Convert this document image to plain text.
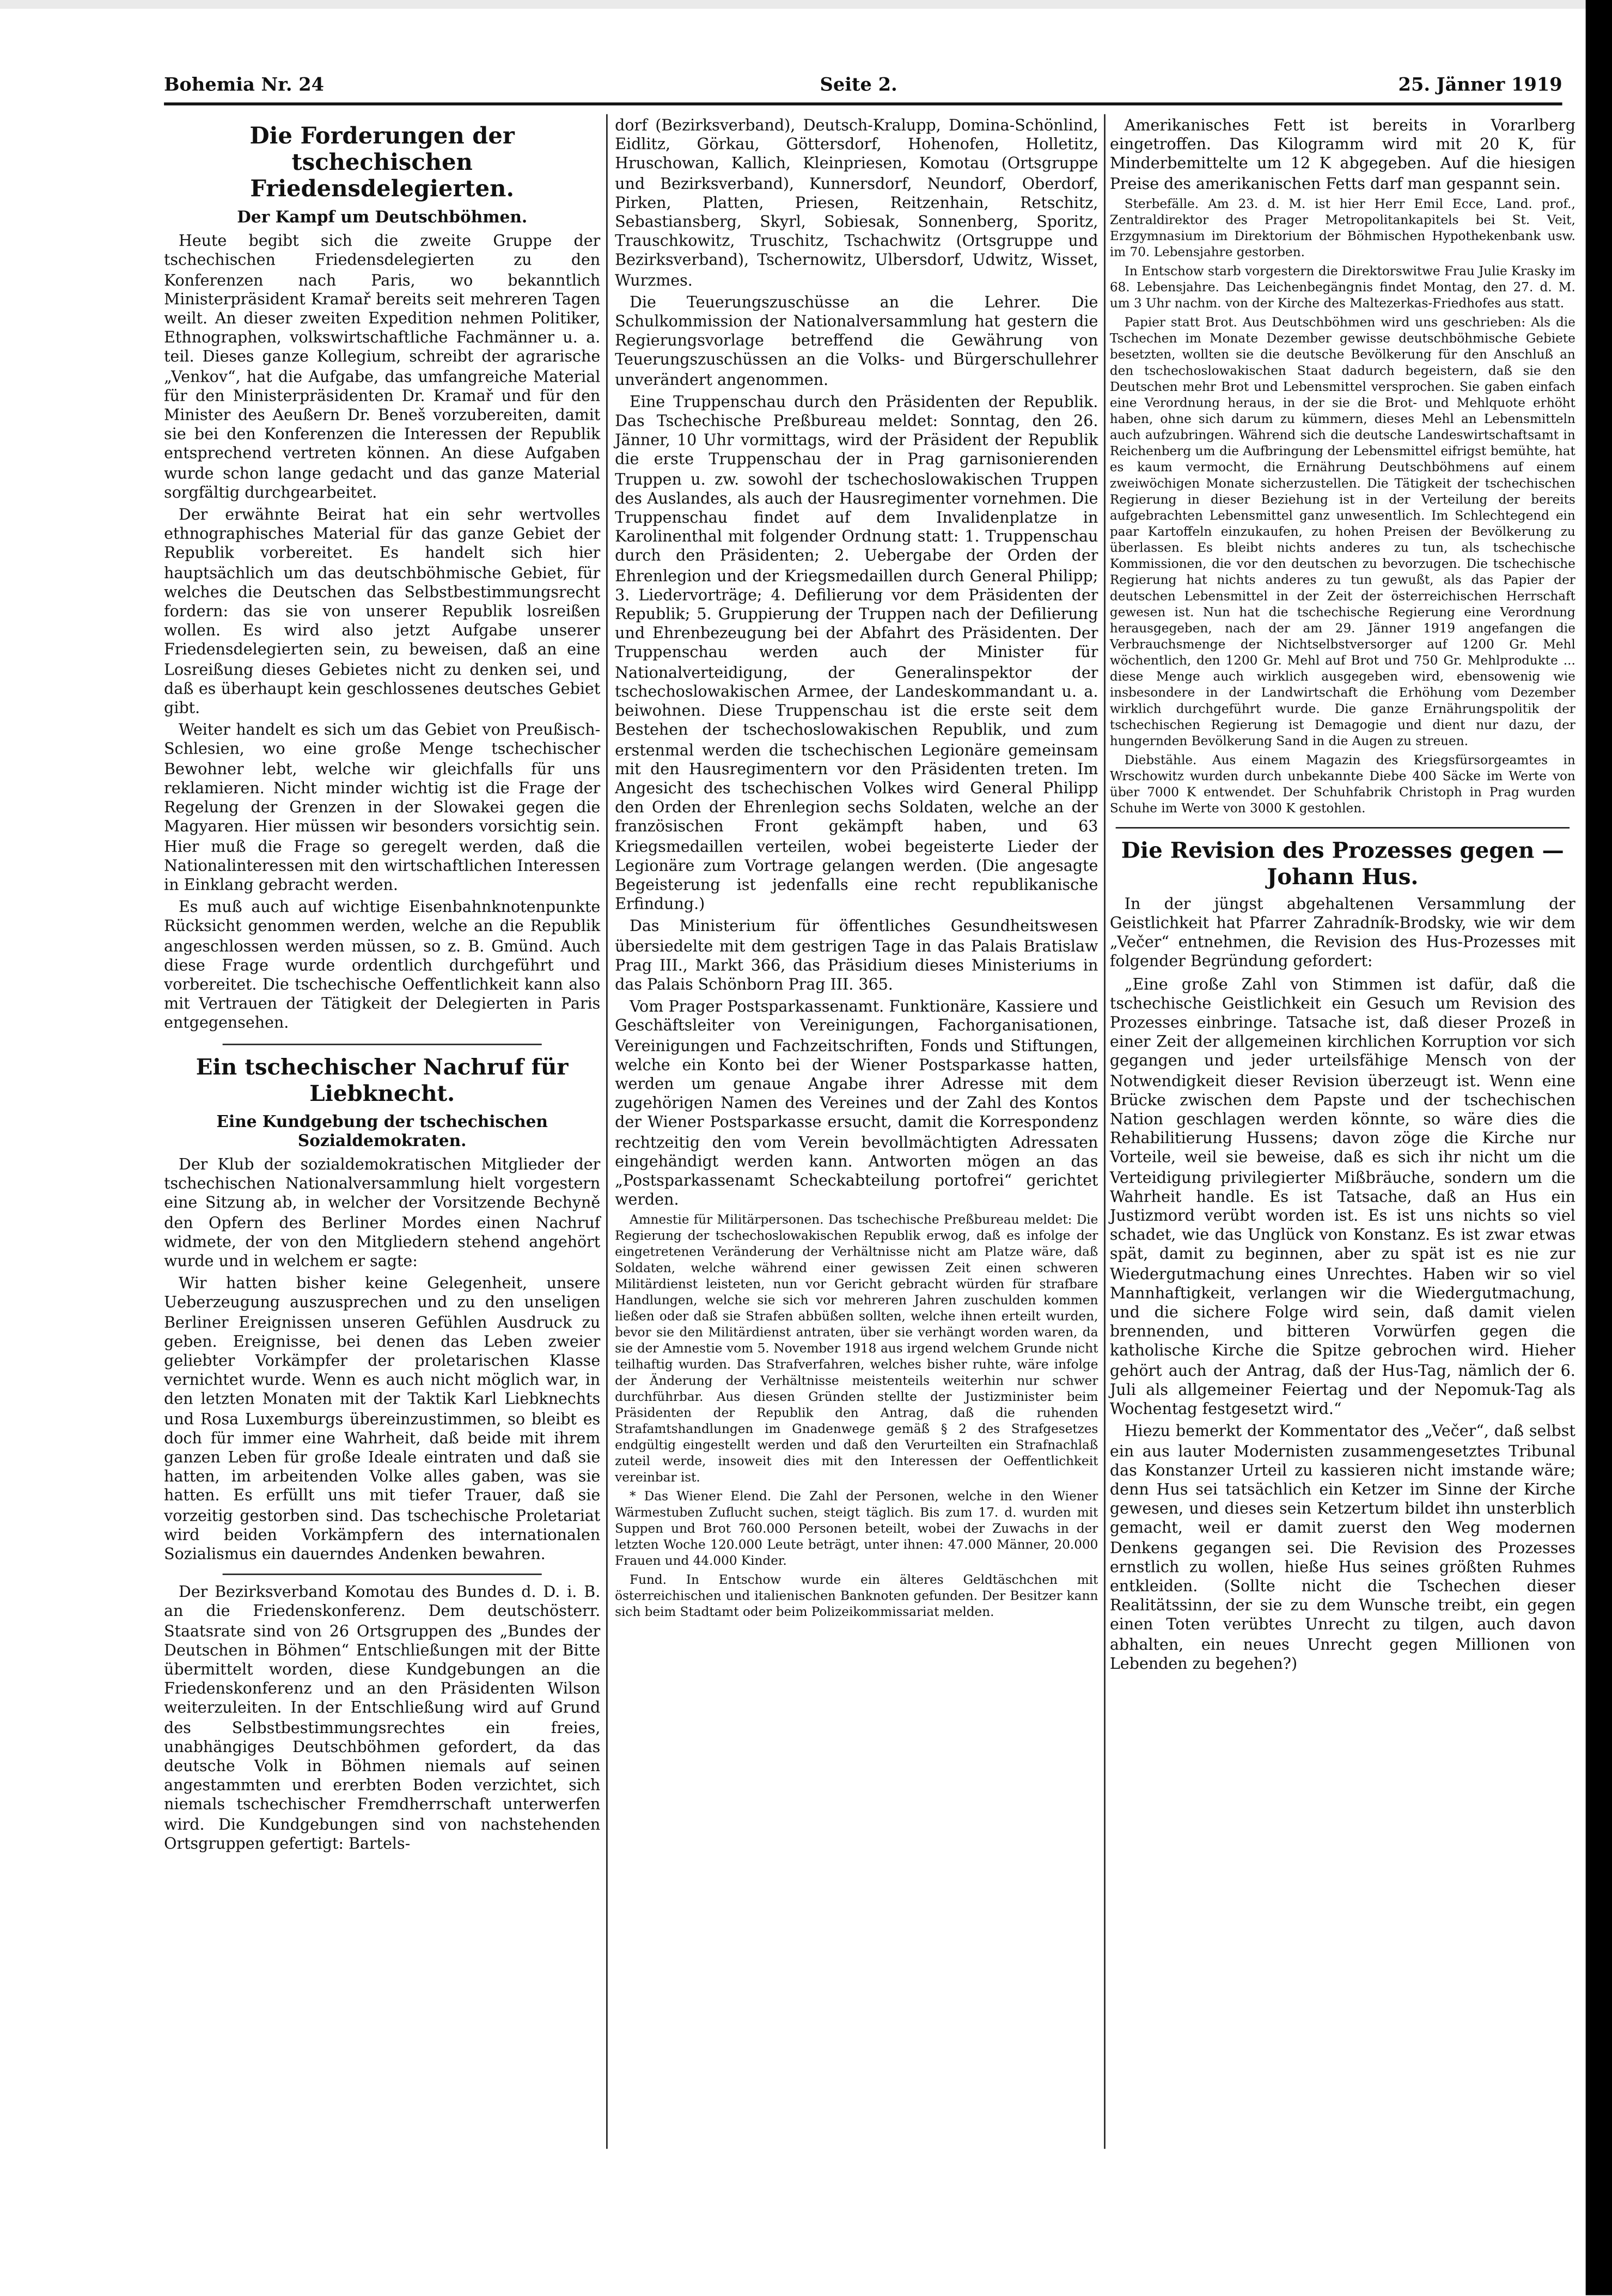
Bohemia Nr. 24	Seite 2.	25. Jänner 1919
Die Forderungen der tschechischen Friedensdelegierten.
Der Kampf um Deutschböhmen.

Heute begibt sich die zweite Gruppe der tschechischen Friedensdelegierten zu den Konferenzen nach Paris, wo bekanntlich Ministerpräsident Kramař bereits seit mehreren Tagen weilt. An dieser zweiten Expedition nehmen Politiker, Ethnographen, volkswirtschaftliche Fachmänner u. a. teil. Dieses ganze Kollegium, schreibt der agrarische „Venkov“, hat die Aufgabe, das umfangreiche Material für den Ministerpräsidenten Dr. Kramař und für den Minister des Aeußern Dr. Beneš vorzubereiten, damit sie bei den Konferenzen die Interessen der Republik entsprechend vertreten können. An diese Aufgaben wurde schon lange gedacht und das ganze Material sorgfältig durchgearbeitet.

Der erwähnte Beirat hat ein sehr wertvolles ethnographisches Material für das ganze Gebiet der Republik vorbereitet. Es handelt sich hier hauptsächlich um das deutschböhmische Gebiet, für welches die Deutschen das Selbstbestimmungsrecht fordern: das sie von unserer Republik losreißen wollen. Es wird also jetzt Aufgabe unserer Friedensdelegierten sein, zu beweisen, daß an eine Losreißung dieses Gebietes nicht zu denken sei, und daß es überhaupt kein geschlossenes deutsches Gebiet gibt.

Weiter handelt es sich um das Gebiet von Preußisch-Schlesien, wo eine große Menge tschechischer Bewohner lebt, welche wir gleichfalls für uns reklamieren. Nicht minder wichtig ist die Frage der Regelung der Grenzen in der Slowakei gegen die Magyaren. Hier müssen wir besonders vorsichtig sein. Hier muß die Frage so geregelt werden, daß die Nationalinteressen mit den wirtschaftlichen Interessen in Einklang gebracht werden.

Es muß auch auf wichtige Eisenbahnknotenpunkte Rücksicht genommen werden, welche an die Republik angeschlossen werden müssen, so z. B. Gmünd. Auch diese Frage wurde ordentlich durchgeführt und vorbereitet. Die tschechische Oeffentlichkeit kann also mit Vertrauen der Tätigkeit der Delegierten in Paris entgegensehen.

Ein tschechischer Nachruf für Liebknecht.
Eine Kundgebung der tschechischen Sozialdemokraten.

Der Klub der sozialdemokratischen Mitglieder der tschechischen Nationalversammlung hielt vorgestern eine Sitzung ab, in welcher der Vorsitzende Bechyně den Opfern des Berliner Mordes einen Nachruf widmete, der von den Mitgliedern stehend angehört wurde und in welchem er sagte:

Wir hatten bisher keine Gelegenheit, unsere Ueberzeugung auszusprechen und zu den unseligen Berliner Ereignissen unseren Gefühlen Ausdruck zu geben. Ereignisse, bei denen das Leben zweier geliebter Vorkämpfer der proletarischen Klasse vernichtet wurde. Wenn es auch nicht möglich war, in den letzten Monaten mit der Taktik Karl Liebknechts und Rosa Luxemburgs übereinzustimmen, so bleibt es doch für immer eine Wahrheit, daß beide mit ihrem ganzen Leben für große Ideale eintraten und daß sie hatten, im arbeitenden Volke alles gaben, was sie hatten. Es erfüllt uns mit tiefer Trauer, daß sie vorzeitig gestorben sind. Das tschechische Proletariat wird beiden Vorkämpfern des internationalen Sozialismus ein dauerndes Andenken bewahren.

Der Bezirksverband Komotau des Bundes d. D. i. B. an die Friedenskonferenz. Dem deutschösterr. Staatsrate sind von 26 Ortsgruppen des „Bundes der Deutschen in Böhmen“ Entschließungen mit der Bitte übermittelt worden, diese Kundgebungen an die Friedenskonferenz und an den Präsidenten Wilson weiterzuleiten. In der Entschließung wird auf Grund des Selbstbestimmungsrechtes ein freies, unabhängiges Deutschböhmen gefordert, da das deutsche Volk in Böhmen niemals auf seinen angestammten und ererbten Boden verzichtet, sich niemals tschechischer Fremdherrschaft unterwerfen wird. Die Kundgebungen sind von nachstehenden Ortsgruppen gefertigt: Bartels-

dorf (Bezirksverband), Deutsch-Kralupp, Domina-Schönlind, Eidlitz, Görkau, Göttersdorf, Hohenofen, Holletitz, Hruschowan, Kallich, Kleinpriesen, Komotau (Ortsgruppe und Bezirksverband), Kunnersdorf, Neundorf, Oberdorf, Pirken, Platten, Priesen, Reitzenhain, Retschitz, Sebastiansberg, Skyrl, Sobiesak, Sonnenberg, Sporitz, Trauschkowitz, Truschitz, Tschachwitz (Ortsgruppe und Bezirksverband), Tschernowitz, Ulbersdorf, Udwitz, Wisset, Wurzmes.

Die Teuerungszuschüsse an die Lehrer. Die Schulkommission der Nationalversammlung hat gestern die Regierungsvorlage betreffend die Gewährung von Teuerungszuschüssen an die Volks- und Bürgerschullehrer unverändert angenommen.

Eine Truppenschau durch den Präsidenten der Republik. Das Tschechische Preßbureau meldet: Sonntag, den 26. Jänner, 10 Uhr vormittags, wird der Präsident der Republik die erste Truppenschau der in Prag garnisonierenden Truppen u. zw. sowohl der tschechoslowakischen Truppen des Auslandes, als auch der Hausregimenter vornehmen. Die Truppenschau findet auf dem Invalidenplatze in Karolinenthal mit folgender Ordnung statt: 1. Truppenschau durch den Präsidenten; 2. Uebergabe der Orden der Ehrenlegion und der Kriegsmedaillen durch General Philipp; 3. Liedervorträge; 4. Defilierung vor dem Präsidenten der Republik; 5. Gruppierung der Truppen nach der Defilierung und Ehrenbezeugung bei der Abfahrt des Präsidenten. Der Truppenschau werden auch der Minister für Nationalverteidigung, der Generalinspektor der tschechoslowakischen Armee, der Landeskommandant u. a. beiwohnen. Diese Truppenschau ist die erste seit dem Bestehen der tschechoslowakischen Republik, und zum erstenmal werden die tschechischen Legionäre gemeinsam mit den Hausregimentern vor den Präsidenten treten. Im Angesicht des tschechischen Volkes wird General Philipp den Orden der Ehrenlegion sechs Soldaten, welche an der französischen Front gekämpft haben, und 63 Kriegsmedaillen verteilen, wobei begeisterte Lieder der Legionäre zum Vortrage gelangen werden. (Die angesagte Begeisterung ist jedenfalls eine recht republikanische Erfindung.)

Das Ministerium für öffentliches Gesundheitswesen übersiedelte mit dem gestrigen Tage in das Palais Bratislaw Prag III., Markt 366, das Präsidium dieses Ministeriums in das Palais Schönborn Prag III. 365.

Vom Prager Postsparkassenamt. Funktionäre, Kassiere und Geschäftsleiter von Vereinigungen, Fachorganisationen, Vereinigungen und Fachzeitschriften, Fonds und Stiftungen, welche ein Konto bei der Wiener Postsparkasse hatten, werden um genaue Angabe ihrer Adresse mit dem zugehörigen Namen des Vereines und der Zahl des Kontos der Wiener Postsparkasse ersucht, damit die Korrespondenz rechtzeitig den vom Verein bevollmächtigten Adressaten eingehändigt werden kann. Antworten mögen an das „Postsparkassenamt Scheckabteilung portofrei“ gerichtet werden.

Amnestie für Militärpersonen. Das tschechische Preßbureau meldet: Die Regierung der tschechoslowakischen Republik erwog, daß es infolge der eingetretenen Veränderung der Verhältnisse nicht am Platze wäre, daß Soldaten, welche während einer gewissen Zeit einen schweren Militärdienst leisteten, nun vor Gericht gebracht würden für strafbare Handlungen, welche sie sich vor mehreren Jahren zuschulden kommen ließen oder daß sie Strafen abbüßen sollten, welche ihnen erteilt wurden, bevor sie den Militärdienst antraten, über sie verhängt worden waren, da sie der Amnestie vom 5. November 1918 aus irgend welchem Grunde nicht teilhaftig wurden. Das Strafverfahren, welches bisher ruhte, wäre infolge der Änderung der Verhältnisse meistenteils weiterhin nur schwer durchführbar. Aus diesen Gründen stellte der Justizminister beim Präsidenten der Republik den Antrag, daß die ruhenden Strafamtshandlungen im Gnadenwege gemäß § 2 des Strafgesetzes endgültig eingestellt werden und daß den Verurteilten ein Strafnachlaß zuteil werde, insoweit dies mit den Interessen der Oeffentlichkeit vereinbar ist.

* Das Wiener Elend. Die Zahl der Personen, welche in den Wiener Wärmestuben Zuflucht suchen, steigt täglich. Bis zum 17. d. wurden mit Suppen und Brot 760.000 Personen beteilt, wobei der Zuwachs in der letzten Woche 120.000 Leute beträgt, unter ihnen: 47.000 Männer, 20.000 Frauen und 44.000 Kinder.

Fund. In Entschow wurde ein älteres Geldtäschchen mit österreichischen und italienischen Banknoten gefunden. Der Besitzer kann sich beim Stadtamt oder beim Polizeikommissariat melden.

Amerikanisches Fett ist bereits in Vorarlberg eingetroffen. Das Kilogramm wird mit 20 K, für Minderbemittelte um 12 K abgegeben. Auf die hiesigen Preise des amerikanischen Fetts darf man gespannt sein.

Sterbefälle. Am 23. d. M. ist hier Herr Emil Ecce, Land. prof., Zentraldirektor des Prager Metropolitankapitels bei St. Veit, Erzgymnasium im Direktorium der Böhmischen Hypothekenbank usw. im 70. Lebensjahre gestorben.

In Entschow starb vorgestern die Direktorswitwe Frau Julie Krasky im 68. Lebensjahre. Das Leichenbegängnis findet Montag, den 27. d. M. um 3 Uhr nachm. von der Kirche des Maltezerkas-Friedhofes aus statt.

Papier statt Brot. Aus Deutschböhmen wird uns geschrieben: Als die Tschechen im Monate Dezember gewisse deutschböhmische Gebiete besetzten, wollten sie die deutsche Bevölkerung für den Anschluß an den tschechoslowakischen Staat dadurch begeistern, daß sie den Deutschen mehr Brot und Lebensmittel versprochen. Sie gaben einfach eine Verordnung heraus, in der sie die Brot- und Mehlquote erhöht haben, ohne sich darum zu kümmern, dieses Mehl an Lebensmitteln auch aufzubringen. Während sich die deutsche Landeswirtschaftsamt in Reichenberg um die Aufbringung der Lebensmittel eifrigst bemühte, hat es kaum vermocht, die Ernährung Deutschböhmens auf einem zweiwöchigen Monate sicherzustellen. Die Tätigkeit der tschechischen Regierung in dieser Beziehung ist in der Verteilung der bereits aufgebrachten Lebensmittel ganz unwesentlich. Im Schlechtegend ein paar Kartoffeln einzukaufen, zu hohen Preisen der Bevölkerung zu überlassen. Es bleibt nichts anderes zu tun, als tschechische Kommissionen, die vor den deutschen zu bevorzugen. Die tschechische Regierung hat nichts anderes zu tun gewußt, als das Papier der deutschen Lebensmittel in der Zeit der österreichischen Herrschaft gewesen ist. Nun hat die tschechische Regierung eine Verordnung herausgegeben, nach der am 29. Jänner 1919 angefangen die Verbrauchsmenge der Nichtselbstversorger auf 1200 Gr. Mehl wöchentlich, den 1200 Gr. Mehl auf Brot und 750 Gr. Mehlprodukte ... diese Menge auch wirklich ausgegeben wird, ebensowenig wie insbesondere in der Landwirtschaft die Erhöhung vom Dezember wirklich durchgeführt wurde. Die ganze Ernährungspolitik der tschechischen Regierung ist Demagogie und dient nur dazu, der hungernden Bevölkerung Sand in die Augen zu streuen.

Diebstähle. Aus einem Magazin des Kriegsfürsorgeamtes in Wrschowitz wurden durch unbekannte Diebe 400 Säcke im Werte von über 7000 K entwendet. Der Schuhfabrik Christoph in Prag wurden Schuhe im Werte von 3000 K gestohlen.

Die Revision des Prozesses gegen — Johann Hus.

In der jüngst abgehaltenen Versammlung der Geistlichkeit hat Pfarrer Zahradník-Brodsky, wie wir dem „Večer“ entnehmen, die Revision des Hus-Prozesses mit folgender Begründung gefordert:

„Eine große Zahl von Stimmen ist dafür, daß die tschechische Geistlichkeit ein Gesuch um Revision des Prozesses einbringe. Tatsache ist, daß dieser Prozeß in einer Zeit der allgemeinen kirchlichen Korruption vor sich gegangen und jeder urteilsfähige Mensch von der Notwendigkeit dieser Revision überzeugt ist. Wenn eine Brücke zwischen dem Papste und der tschechischen Nation geschlagen werden könnte, so wäre dies die Rehabilitierung Hussens; davon zöge die Kirche nur Vorteile, weil sie beweise, daß es sich ihr nicht um die Verteidigung privilegierter Mißbräuche, sondern um die Wahrheit handle. Es ist Tatsache, daß an Hus ein Justizmord verübt worden ist. Es ist uns nichts so viel schadet, wie das Unglück von Konstanz. Es ist zwar etwas spät, damit zu beginnen, aber zu spät ist es nie zur Wiedergutmachung eines Unrechtes. Haben wir so viel Mannhaftigkeit, verlangen wir die Wiedergutmachung, und die sichere Folge wird sein, daß damit vielen brennenden, und bitteren Vorwürfen gegen die katholische Kirche die Spitze gebrochen wird. Hieher gehört auch der Antrag, daß der Hus-Tag, nämlich der 6. Juli als allgemeiner Feiertag und der Nepomuk-Tag als Wochentag festgesetzt wird.“

Hiezu bemerkt der Kommentator des „Večer“, daß selbst ein aus lauter Modernisten zusammengesetztes Tribunal das Konstanzer Urteil zu kassieren nicht imstande wäre; denn Hus sei tatsächlich ein Ketzer im Sinne der Kirche gewesen, und dieses sein Ketzertum bildet ihn unsterblich gemacht, weil er damit zuerst den Weg modernen Denkens gegangen sei. Die Revision des Prozesses ernstlich zu wollen, hieße Hus seines größten Ruhmes entkleiden. (Sollte nicht die Tschechen dieser Realitätssinn, der sie zu dem Wunsche treibt, ein gegen einen Toten verübtes Unrecht zu tilgen, auch davon abhalten, ein neues Unrecht gegen Millionen von Lebenden zu begehen?)
